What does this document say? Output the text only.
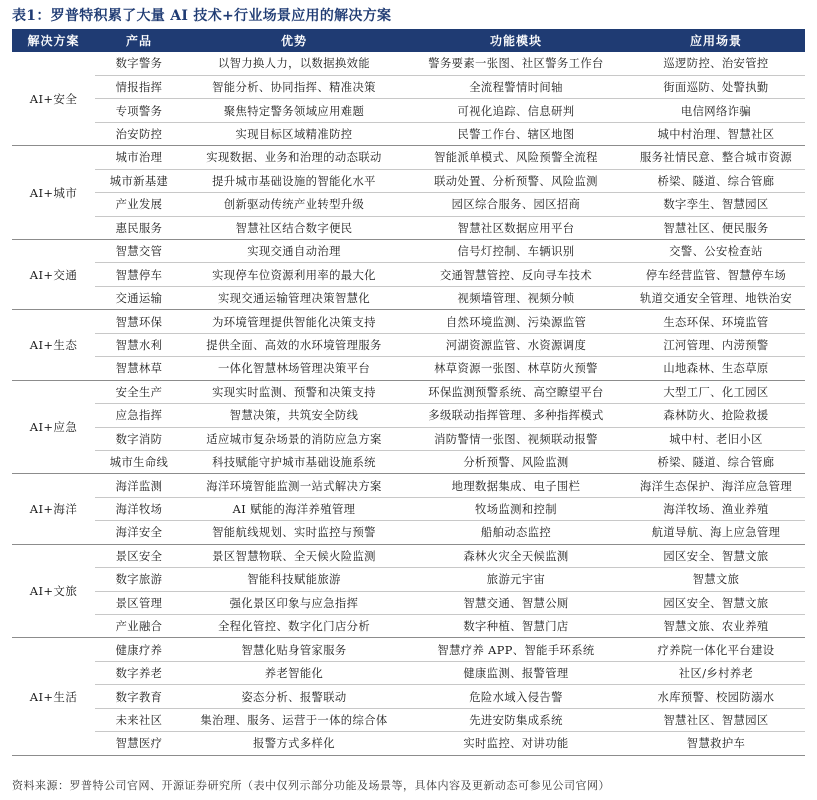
表1：罗普特积累了大量 AI 技术+行业场景应用的解决方案
解决方案	产品	优势	功能模块	应用场景
AI+安全	数字警务	以智力换人力，以数据换效能	警务要素一张图、社区警务工作台	巡逻防控、治安管控
	情报指挥	智能分析、协同指挥、精准决策	全流程警情时间轴	街面巡防、处警执勤
	专项警务	聚焦特定警务领域应用难题	可视化追踪、信息研判	电信网络诈骗
	治安防控	实现目标区域精准防控	民警工作台、辖区地图	城中村治理、智慧社区
AI+城市	城市治理	实现数据、业务和治理的动态联动	智能派单模式、风险预警全流程	服务社情民意、整合城市资源
	城市新基建	提升城市基础设施的智能化水平	联动处置、分析预警、风险监测	桥梁、隧道、综合管廊
	产业发展	创新驱动传统产业转型升级	园区综合服务、园区招商	数字孪生、智慧园区
	惠民服务	智慧社区结合数字便民	智慧社区数据应用平台	智慧社区、便民服务
AI+交通	智慧交管	实现交通自动治理	信号灯控制、车辆识别	交警、公安检查站
	智慧停车	实现停车位资源利用率的最大化	交通智慧管控、反向寻车技术	停车经营监管、智慧停车场
	交通运输	实现交通运输管理决策智慧化	视频墙管理、视频分帧	轨道交通安全管理、地铁治安
AI+生态	智慧环保	为环境管理提供智能化决策支持	自然环境监测、污染源监管	生态环保、环境监管
	智慧水利	提供全面、高效的水环境管理服务	河湖资源监管、水资源调度	江河管理、内涝预警
	智慧林草	一体化智慧林场管理决策平台	林草资源一张图、林草防火预警	山地森林、生态草原
AI+应急	安全生产	实现实时监测、预警和决策支持	环保监测预警系统、高空瞭望平台	大型工厂、化工园区
	应急指挥	智慧决策，共筑安全防线	多级联动指挥管理、多种指挥模式	森林防火、抢险救援
	数字消防	适应城市复杂场景的消防应急方案	消防警情一张图、视频联动报警	城中村、老旧小区
	城市生命线	科技赋能守护城市基础设施系统	分析预警、风险监测	桥梁、隧道、综合管廊
AI+海洋	海洋监测	海洋环境智能监测一站式解决方案	地理数据集成、电子围栏	海洋生态保护、海洋应急管理
	海洋牧场	AI 赋能的海洋养殖管理	牧场监测和控制	海洋牧场、渔业养殖
	海洋安全	智能航线规划、实时监控与预警	船舶动态监控	航道导航、海上应急管理
AI+文旅	景区安全	景区智慧物联、全天候火险监测	森林火灾全天候监测	园区安全、智慧文旅
	数字旅游	智能科技赋能旅游	旅游元宇宙	智慧文旅
	景区管理	强化景区印象与应急指挥	智慧交通、智慧公厕	园区安全、智慧文旅
	产业融合	全程化管控、数字化门店分析	数字种植、智慧门店	智慧文旅、农业养殖
AI+生活	健康疗养	智慧化贴身管家服务	智慧疗养 APP、智能手环系统	疗养院一体化平台建设
	数字养老	养老智能化	健康监测、报警管理	社区/乡村养老
	数字教育	姿态分析、报警联动	危险水域入侵告警	水库预警、校园防溺水
	未来社区	集治理、服务、运营于一体的综合体	先进安防集成系统	智慧社区、智慧园区
	智慧医疗	报警方式多样化	实时监控、对讲功能	智慧救护车
资料来源：罗普特公司官网、开源证券研究所（表中仅列示部分功能及场景等，具体内容及更新动态可参见公司官网）
